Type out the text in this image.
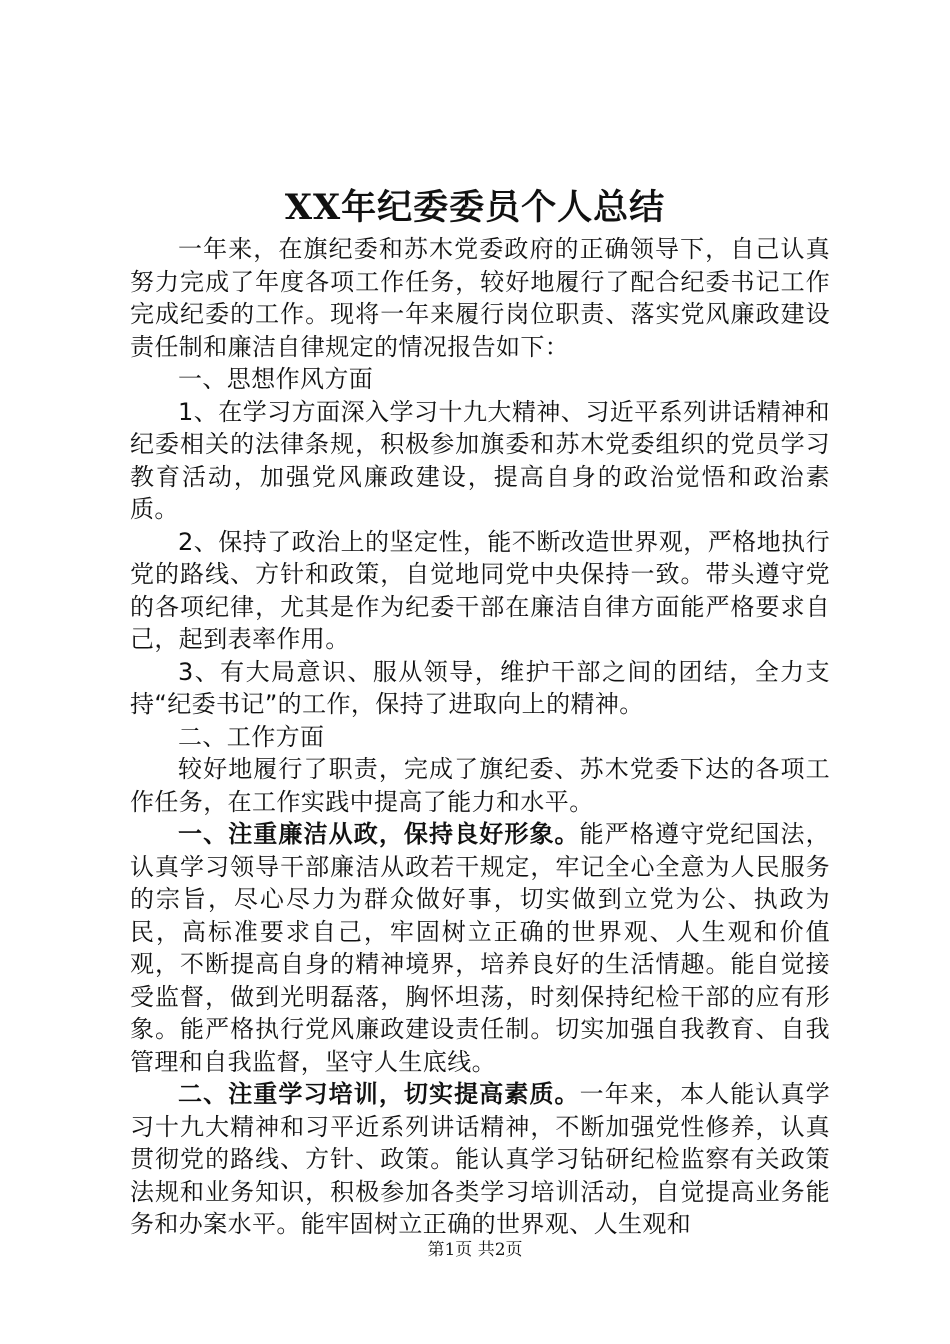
XX年纪委委员个人总结

一年来，在旗纪委和苏木党委政府的正确领导下，自己认真努力完成了年度各项工作任务，较好地履行了配合纪委书记工作完成纪委的工作。现将一年来履行岗位职责、落实党风廉政建设责任制和廉洁自律规定的情况报告如下：

一、思想作风方面

1、在学习方面深入学习十九大精神、习近平系列讲话精神和纪委相关的法律条规，积极参加旗委和苏木党委组织的党员学习教育活动，加强党风廉政建设，提高自身的政治觉悟和政治素质。

2、保持了政治上的坚定性，能不断改造世界观，严格地执行党的路线、方针和政策，自觉地同党中央保持一致。带头遵守党的各项纪律，尤其是作为纪委干部在廉洁自律方面能严格要求自己，起到表率作用。

3、有大局意识、服从领导，维护干部之间的团结，全力支持“纪委书记”的工作，保持了进取向上的精神。

二、工作方面

较好地履行了职责，完成了旗纪委、苏木党委下达的各项工作任务，在工作实践中提高了能力和水平。

一、注重廉洁从政，保持良好形象。能严格遵守党纪国法，认真学习领导干部廉洁从政若干规定，牢记全心全意为人民服务的宗旨，尽心尽力为群众做好事，切实做到立党为公、执政为民，高标准要求自己，牢固树立正确的世界观、人生观和价值观，不断提高自身的精神境界，培养良好的生活情趣。能自觉接受监督，做到光明磊落，胸怀坦荡，时刻保持纪检干部的应有形象。能严格执行党风廉政建设责任制。切实加强自我教育、自我管理和自我监督，坚守人生底线。

二、注重学习培训，切实提高素质。一年来，本人能认真学习十九大精神和习平近系列讲话精神，不断加强党性修养，认真贯彻党的路线、方针、政策。能认真学习钻研纪检监察有关政策法规和业务知识，积极参加各类学习培训活动，自觉提高业务能务和办案水平。能牢固树立正确的世界观、人生观和

第1页 共2页
